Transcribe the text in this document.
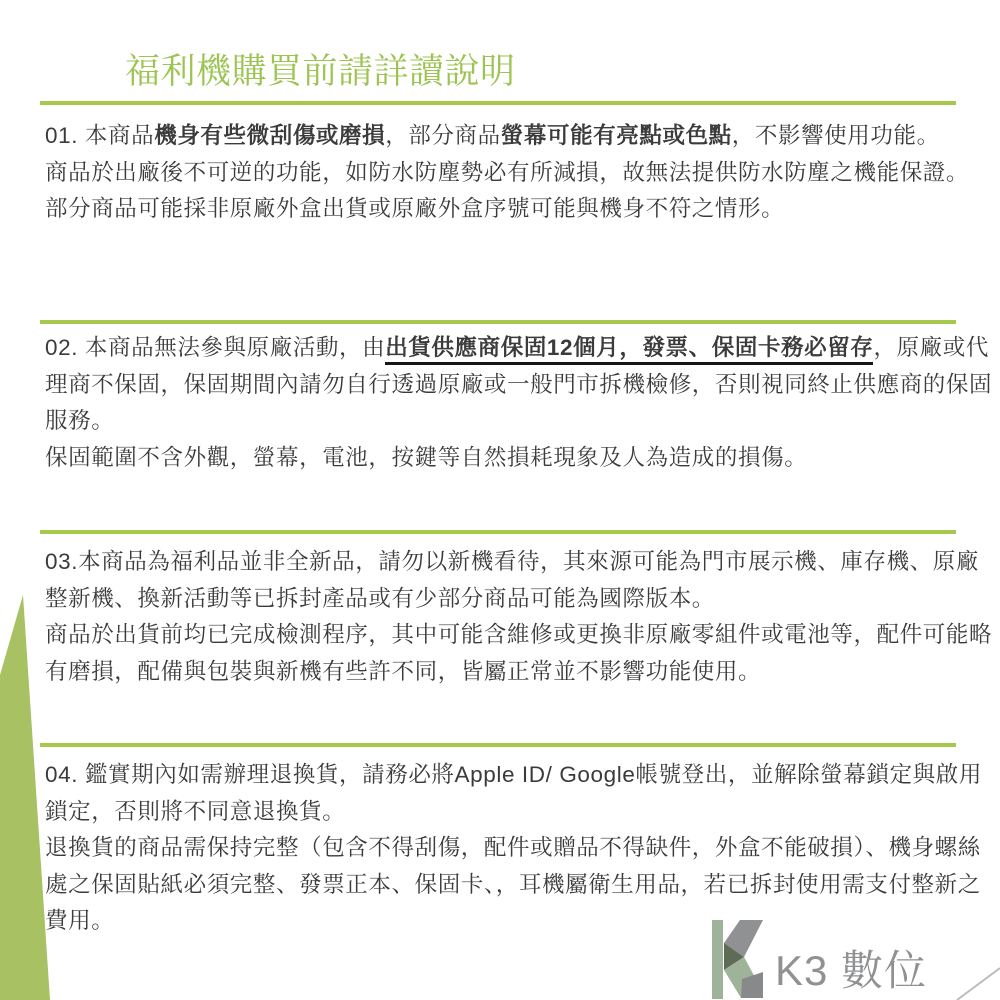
福利機購買前請詳讀說明
01. 本商品機身有些微刮傷或磨損，部分商品螢幕可能有亮點或色點，不影響使用功能。
商品於出廠後不可逆的功能，如防水防塵勢必有所減損，故無法提供防水防塵之機能保證。
部分商品可能採非原廠外盒出貨或原廠外盒序號可能與機身不符之情形。
02. 本商品無法參與原廠活動，由出貨供應商保固12個月，發票、保固卡務必留存，原廠或代
理商不保固，保固期間內請勿自行透過原廠或一般門市拆機檢修，否則視同終止供應商的保固
服務。
保固範圍不含外觀，螢幕，電池，按鍵等自然損耗現象及人為造成的損傷。
03.本商品為福利品並非全新品，請勿以新機看待，其來源可能為門市展示機、庫存機、原廠
整新機、換新活動等已拆封產品或有少部分商品可能為國際版本。
商品於出貨前均已完成檢測程序，其中可能含維修或更換非原廠零組件或電池等，配件可能略
有磨損，配備與包裝與新機有些許不同，皆屬正常並不影響功能使用。
04. 鑑實期內如需辦理退換貨，請務必將Apple ID/ Google帳號登出，並解除螢幕鎖定與啟用
鎖定，否則將不同意退換貨。
退換貨的商品需保持完整（包含不得刮傷，配件或贈品不得缺件，外盒不能破損）、機身螺絲
處之保固貼紙必須完整、發票正本、保固卡、，耳機屬衛生用品，若已拆封使用需支付整新之
費用。
K3 數位
